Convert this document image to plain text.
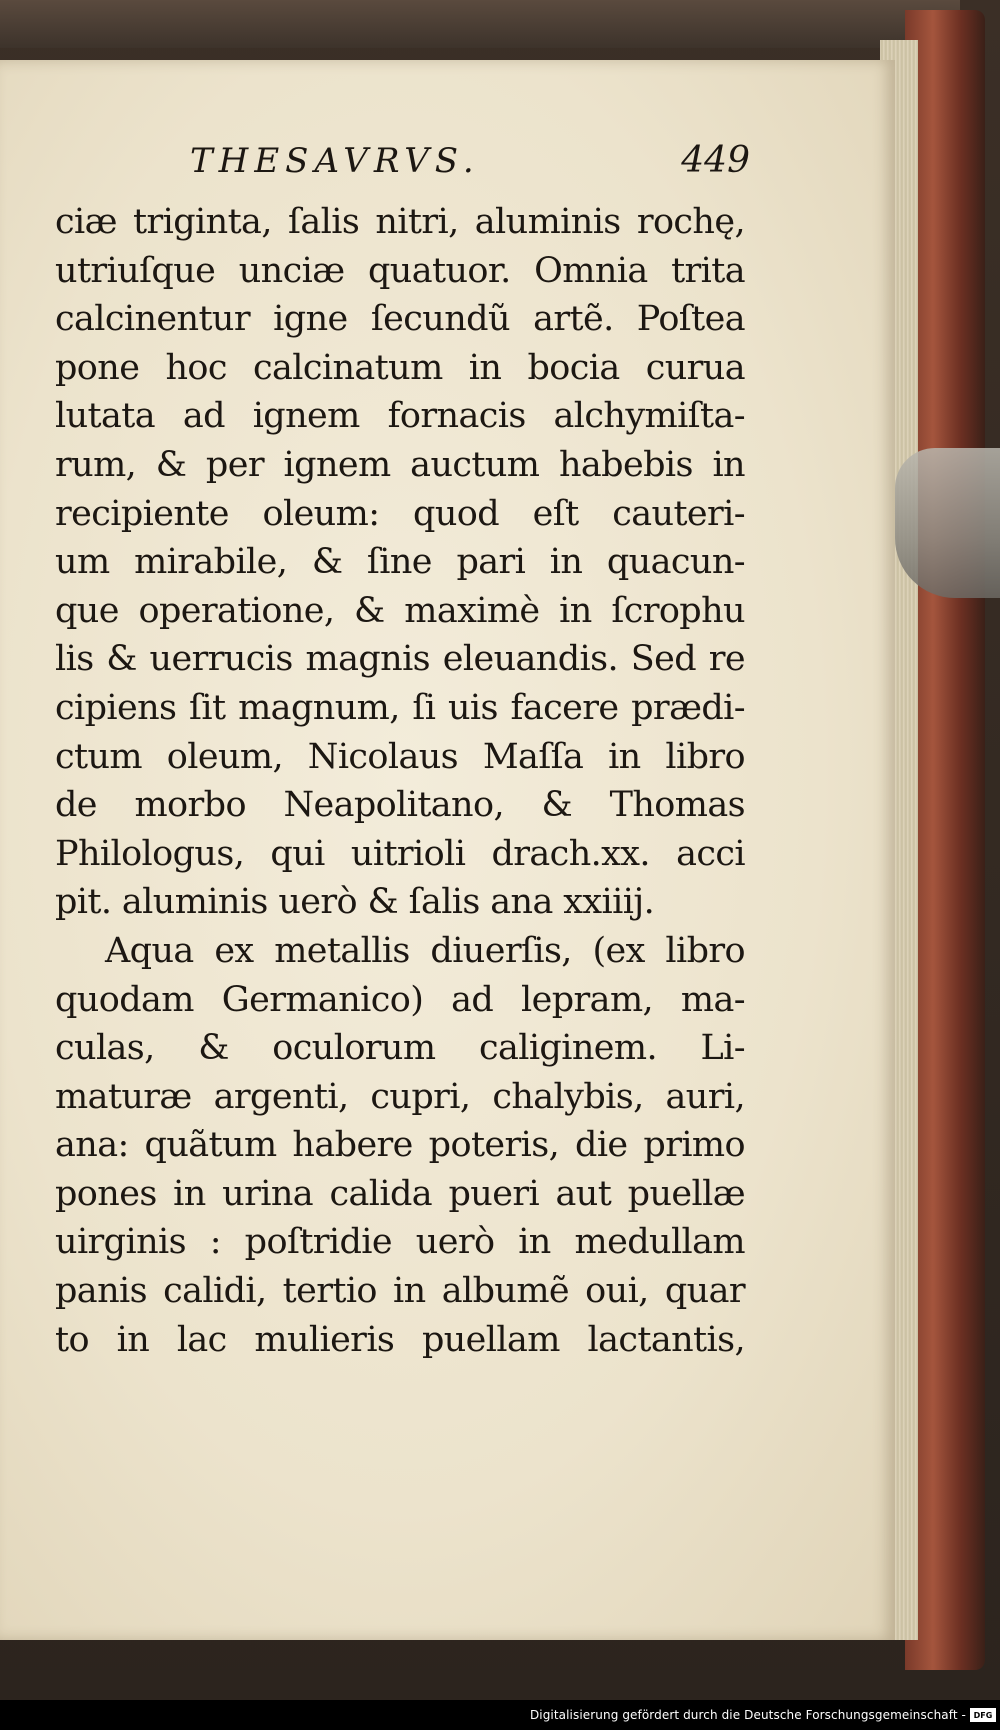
THESAVRVS.	449
ciæ triginta, ſalis nitri, aluminis rochę,
utriuſque unciæ quatuor. Omnia trita
calcinentur igne ſecundũ artẽ. Poſtea
pone hoc calcinatum in bocia curua
lutata ad ignem fornacis alchymiſta-
rum, & per ignem auctum habebis in
recipiente oleum: quod eſt cauteri-
um mirabile, & ſine pari in quacun-
que operatione, & maximè in ſcrophu
lis & uerrucis magnis eleuandis. Sed re
cipiens ſit magnum, ſi uis facere prædi-
ctum oleum, Nicolaus Maſſa in libro
de morbo Neapolitano, & Thomas
Philologus, qui uitrioli drach.xx. acci
pit. aluminis uerò & ſalis ana xxiiij.
Aqua ex metallis diuerſis, (ex libro
quodam Germanico) ad lepram, ma-
culas, & oculorum caliginem. Li-
maturæ argenti, cupri, chalybis, auri,
ana: quãtum habere poteris, die primo
pones in urina calida pueri aut puellæ
uirginis : poſtridie uerò in medullam
panis calidi, tertio in albumẽ oui, quar
to in lac mulieris puellam lactantis,
Digitalisierung gefördert durch die Deutsche Forschungsgemeinschaft - DFG
